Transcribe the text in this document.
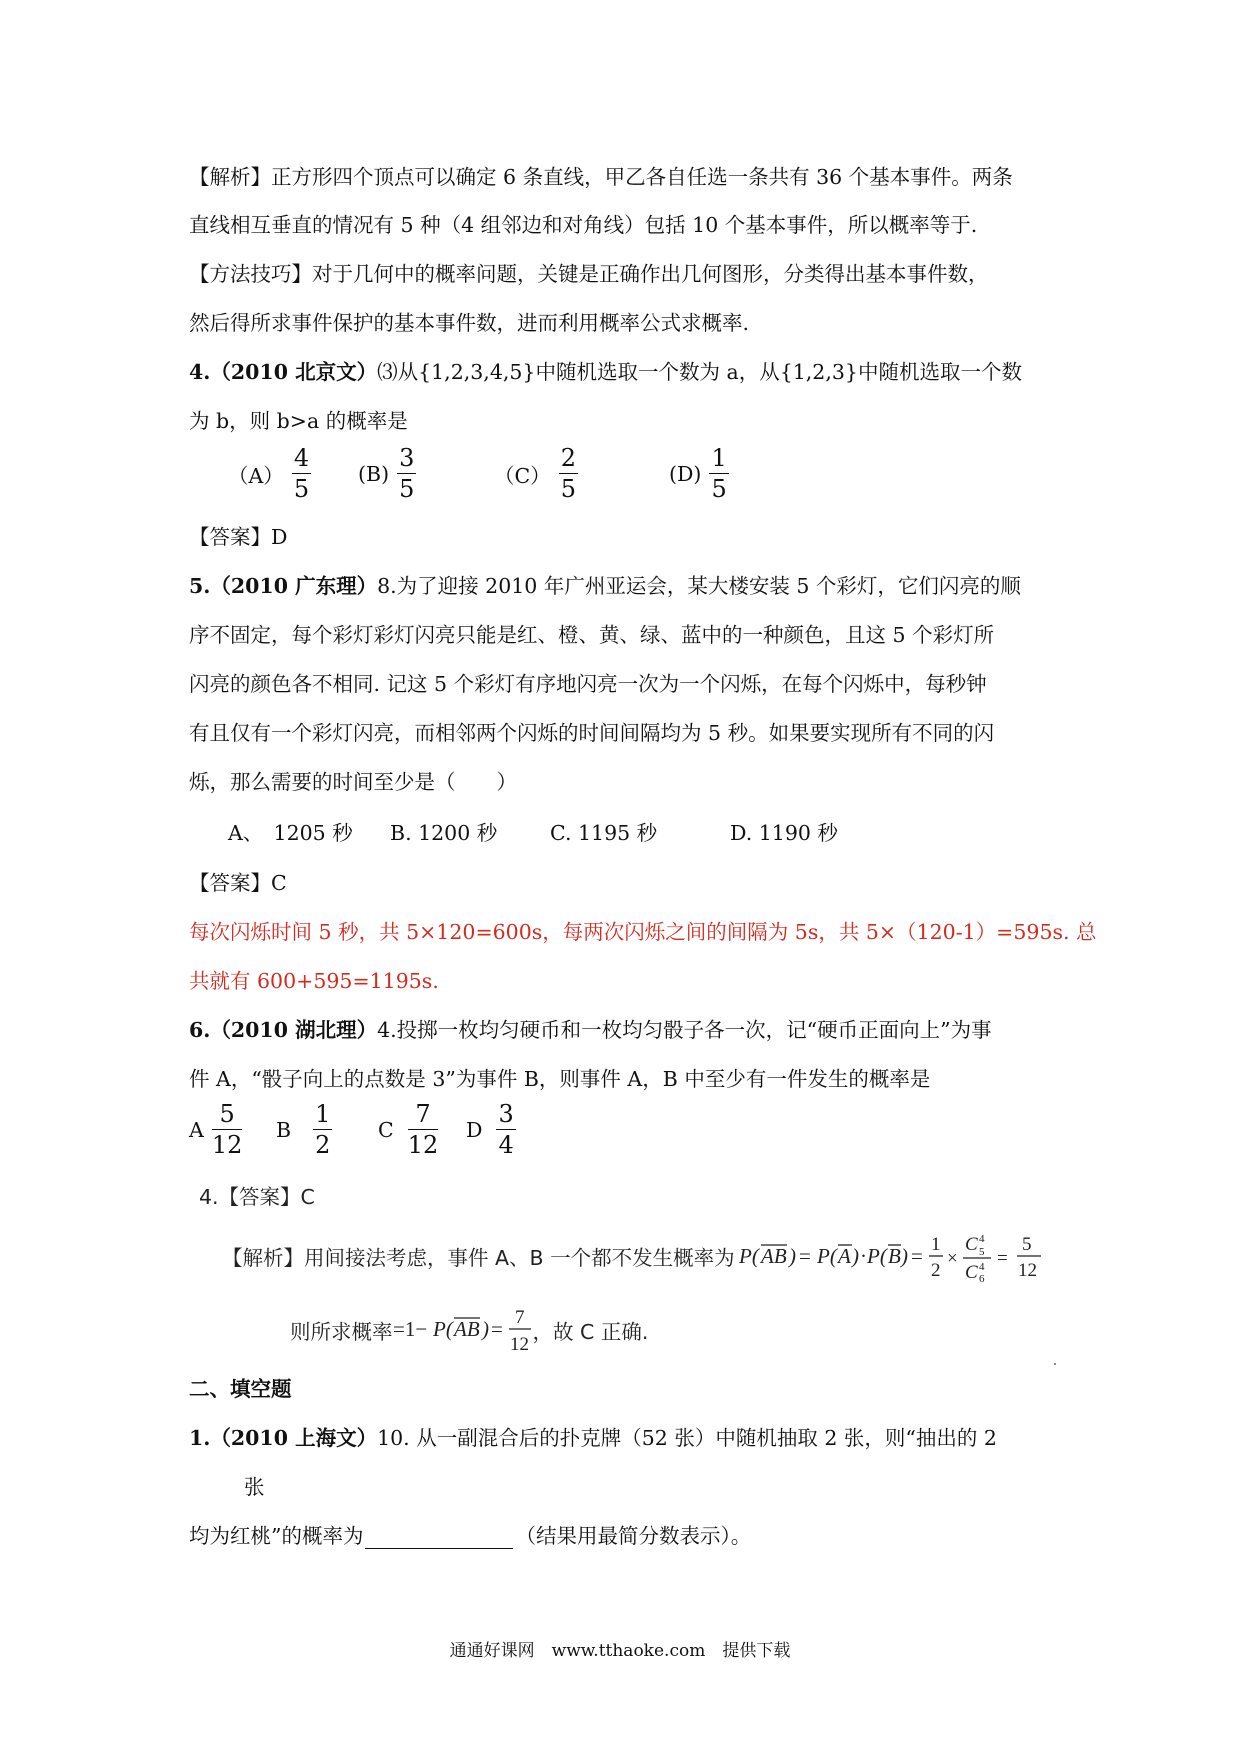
【解析】正方形四个顶点可以确定 6 条直线，甲乙各自任选一条共有 36 个基本事件。两条
直线相互垂直的情况有 5 种（4 组邻边和对角线）包括 10 个基本事件，所以概率等于.
【方法技巧】对于几何中的概率问题，关键是正确作出几何图形，分类得出基本事件数，
然后得所求事件保护的基本事件数，进而利用概率公式求概率.
4.（2010 北京文）⑶从{1,2,3,4,5}中随机选取一个数为 a，从{1,2,3}中随机选取一个数
为 b，则 b>a 的概率是
$(A) \frac{4}{5} (B) \frac{3}{5}$	$(C) \frac{2}{5}$	$(D) \frac{1}{5}$
【答案】D
5.（2010 广东理）8.为了迎接 2010 年广州亚运会，某大楼安装 5 个彩灯，它们闪亮的顺
序不固定，每个彩灯彩灯闪亮只能是红、橙、黄、绿、蓝中的一种颜色，且这 5 个彩灯所
闪亮的颜色各不相同. 记这 5 个彩灯有序地闪亮一次为一个闪烁，在每个闪烁中，每秒钟
有且仅有一个彩灯闪亮，而相邻两个闪烁的时间间隔均为 5 秒。如果要实现所有不同的闪
烁，那么需要的时间至少是（　　）
A、　1205 秒 B. 1200 秒	C. 1195 秒	D. 1190 秒
【答案】C
每次闪烁时间 5 秒，共 5×120=600s，每两次闪烁之间的间隔为 5s，共 5×（120-1）=595s. 总
共就有 600+595=1195s.
6.（2010 湖北理）4.投掷一枚均匀硬币和一枚均匀骰子各一次，记“硬币正面向上”为事
件 A，“骰子向上的点数是 3”为事件 B，则事件 A，B 中至少有一件发生的概率是
A $\frac{5}{12}$ B $\frac{1}{2}$ C $\frac{7}{12}$ D $\frac{3}{4}$
4.【答案】C
【解析】用间接法考虑，事件 A、B 一个都不发生概率为 P( AB ) = P( A ) · P( B ) = 1
2
×
C 4
5
C 4
6
=
5
12
则所求概率 =1− P( AB ) = 7
12
，故 C 正确.
二、填空题
1.（2010 上海文）10. 从一副混合后的扑克牌（52 张）中随机抽取 2 张，则“抽出的 2
张
均为红桃”的概率为	（结果用最简分数表示）。
通通好课网　www.tthaoke.com　提供下载
